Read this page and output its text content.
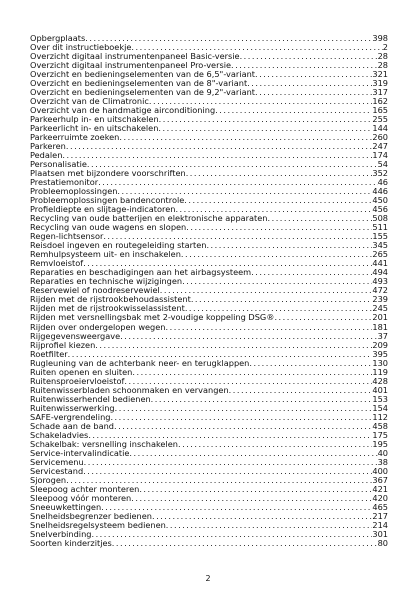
Opbergplaats .....	398
Over dit instructieboekje .....	2
Overzicht digitaal instrumentenpaneel Basic-versie .....	28
Overzicht digitaal instrumentenpaneel Pro-versie .....	28
Overzicht en bedieningselementen van de 6,5"-variant .....	321
Overzicht en bedieningselementen van de 8"-variant .....	319
Overzicht en bedieningselementen van de 9,2"-variant .....	317
Overzicht van de Climatronic .....	162
Overzicht van de handmatige airconditioning .....	165
Parkeerhulp in- en uitschakelen .....	255
Parkeerlicht in- en uitschakelen .....	144
Parkeerruimte zoeken .....	260
Parkeren .....	247
Pedalen .....	174
Personalisatie .....	54
Plaatsen met bijzondere voorschriften .....	352
Prestatiemonitor .....	46
Probleemoplossingen .....	446
Probleemoplossingen bandencontrole .....	450
Profieldiepte en slijtage-indicatoren .....	456
Recycling van oude batterijen en elektronische apparaten .....	508
Recycling van oude wagens en slopen .....	511
Regen-lichtsensor .....	155
Reisdoel ingeven en routegeleiding starten .....	345
Remhulpsysteem uit- en inschakelen .....	265
Remvloeistof .....	441
Reparaties en beschadigingen aan het airbagsysteem .....	494
Reparaties en technische wijzigingen .....	493
Reservewiel of noodreservewiel .....	472
Rijden met de rijstrookbehoudassistent .....	239
Rijden met de rijstrookwisselassistent .....	245
Rijden met versnellingsbak met 2-voudige koppeling DSG® .....	201
Rijden over ondergelopen wegen .....	181
Rijgegevensweergave .....	37
Rijprofiel kiezen .....	209
Roetfilter .....	395
Rugleuning van de achterbank neer- en terugklappen .....	130
Ruiten openen en sluiten .....	119
Ruitensproeiervloeistof .....	428
Ruitenwisserbladen schoonmaken en vervangen .....	401
Ruitenwisserhendel bedienen .....	153
Ruitenwisserwerking .....	154
SAFE-vergrendeling .....	112
Schade aan de band .....	458
Schakeladvies .....	175
Schakelbak: versnelling inschakelen .....	195
Service-intervalindicatie .....	40
Servicemenu .....	38
Servicestand .....	400
Sjorogen .....	367
Sleepoog achter monteren .....	421
Sleepoog vóór monteren .....	420
Sneeuwkettingen .....	465
Snelheidsbegrenzer bedienen .....	217
Snelheidsregelsysteem bedienen .....	214
Snelverbinding .....	301
Soorten kinderzitjes .....	80
2
